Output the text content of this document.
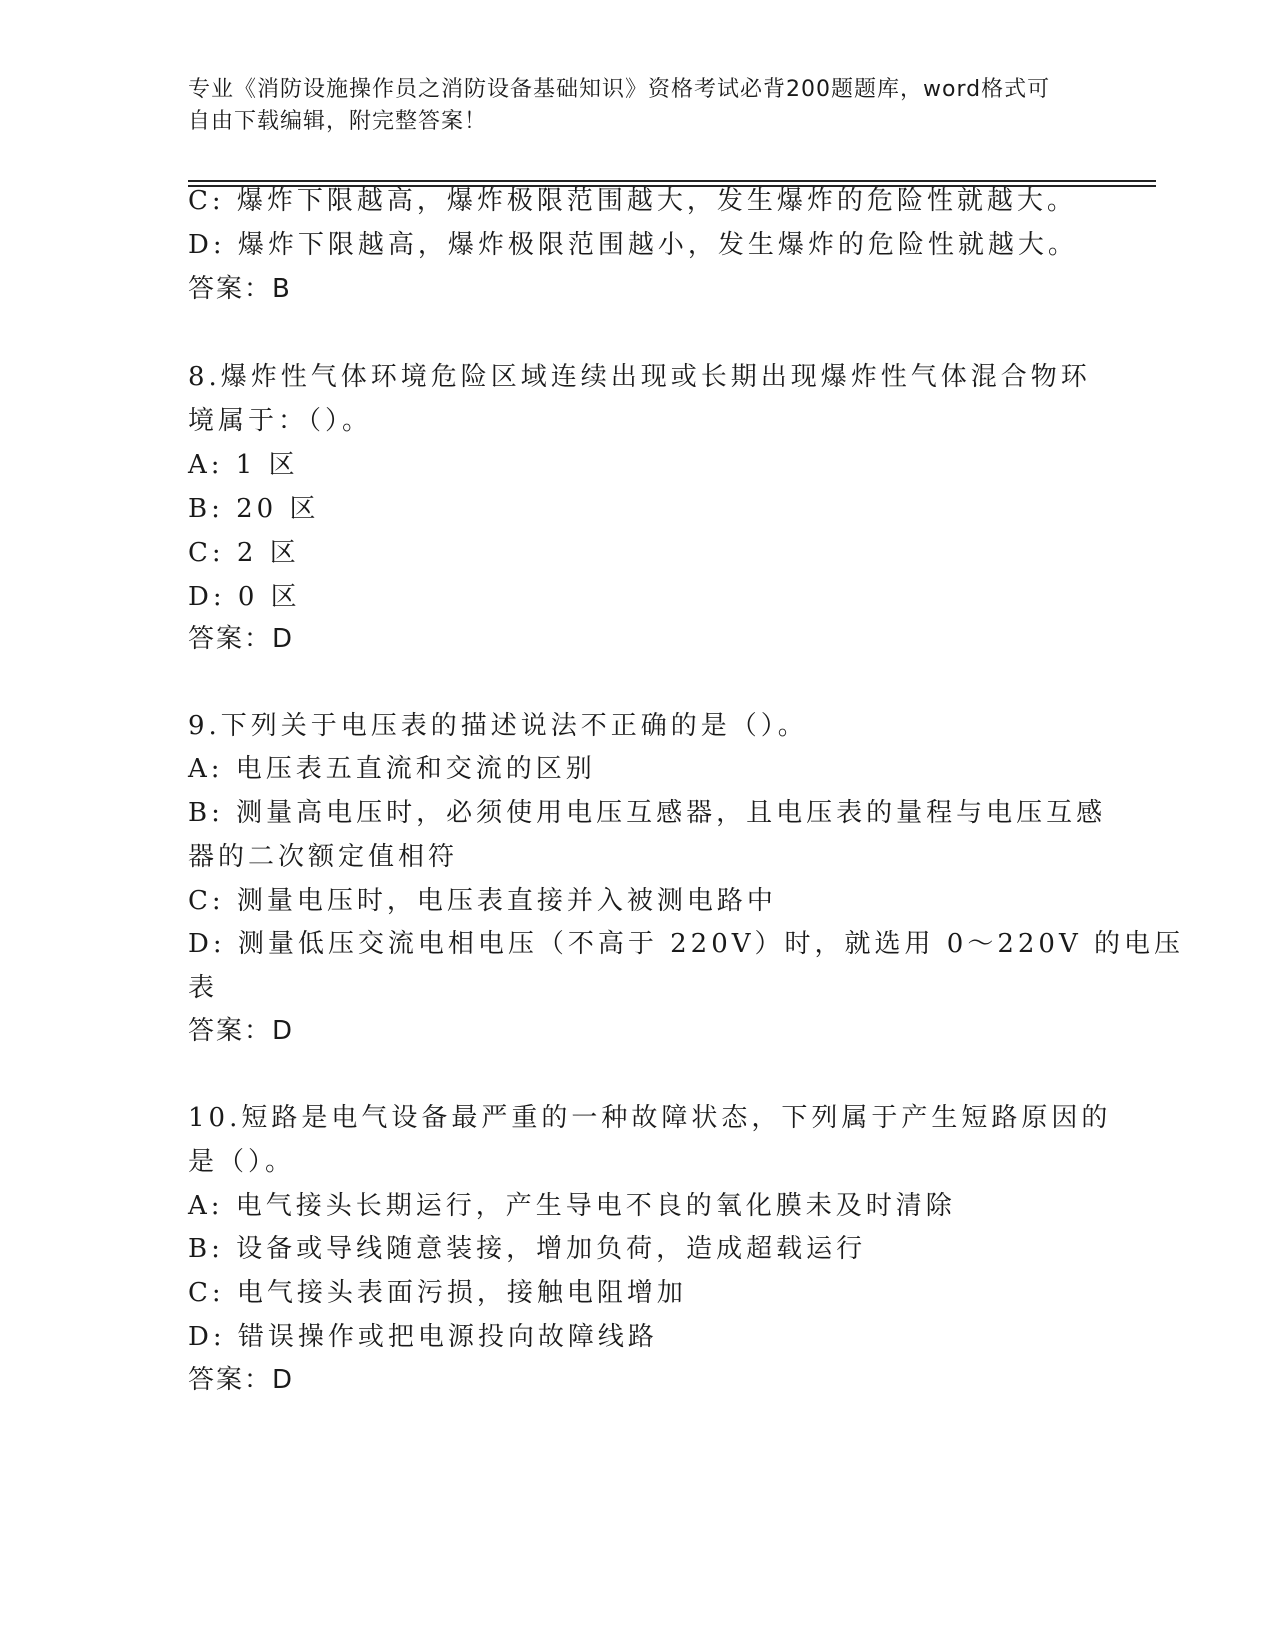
专业《消防设施操作员之消防设备基础知识》资格考试必背200题题库，word格式可自由下载编辑，附完整答案！
C: 爆炸下限越高，爆炸极限范围越大，发生爆炸的危险性就越大。
D: 爆炸下限越高，爆炸极限范围越小，发生爆炸的危险性就越大。
答案：B
8.爆炸性气体环境危险区域连续出现或长期出现爆炸性气体混合物环
境属于：（）。
A: 1 区
B: 20 区
C: 2 区
D: 0 区
答案：D
9.下列关于电压表的描述说法不正确的是（）。
A: 电压表五直流和交流的区别
B: 测量高电压时，必须使用电压互感器，且电压表的量程与电压互感
器的二次额定值相符
C: 测量电压时，电压表直接并入被测电路中
D: 测量低压交流电相电压（不高于 220V）时，就选用 0～220V 的电压
表
答案：D
10.短路是电气设备最严重的一种故障状态，下列属于产生短路原因的
是（）。
A: 电气接头长期运行，产生导电不良的氧化膜未及时清除
B: 设备或导线随意装接，增加负荷，造成超载运行
C: 电气接头表面污损，接触电阻增加
D: 错误操作或把电源投向故障线路
答案：D
